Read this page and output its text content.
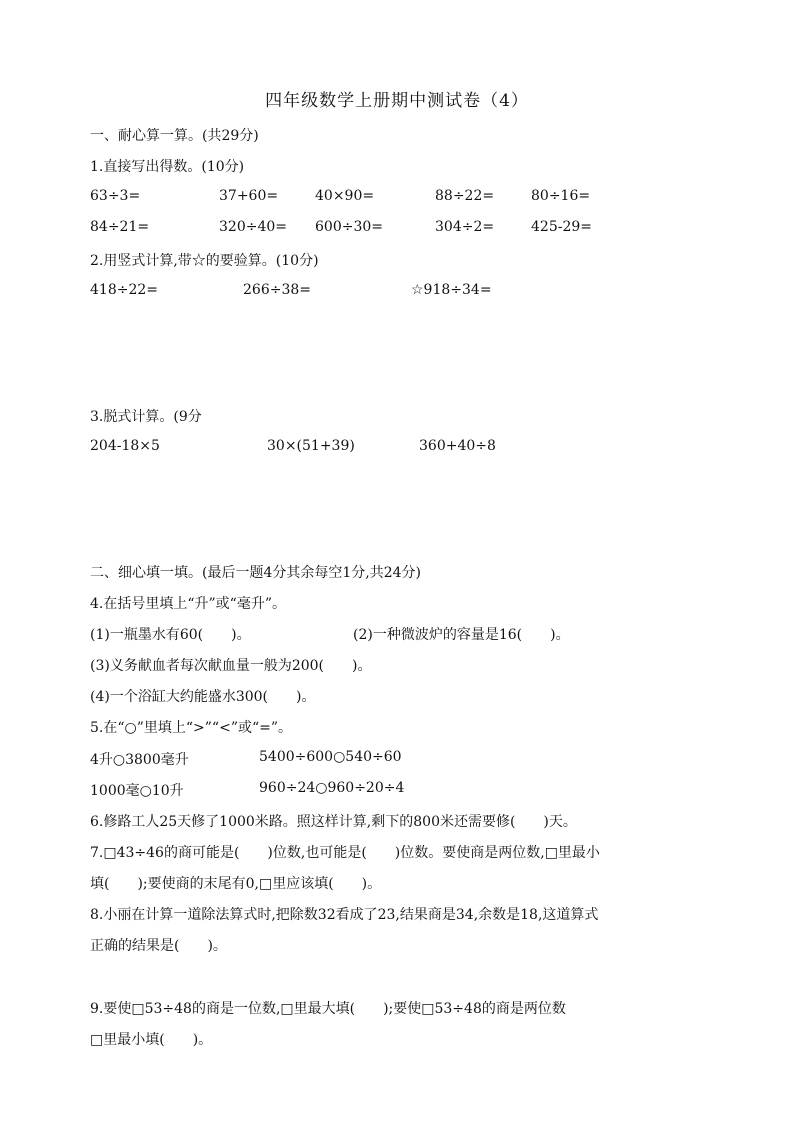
四年级数学上册期中测试卷（4）
一、耐心算一算。(共29分)
1.直接写出得数。(10分)
63÷3=	37+60=	40×90=	88÷22=	80÷16=
84÷21=	320÷40= 600÷30=	304÷2=	425-29=
2.用竖式计算,带☆的要验算。(10分)
418÷22=	266÷38=	☆918÷34=
3.脱式计算。(9分
204-18×5	30×(51+39)	360+40÷8
二、细心填一填。(最后一题4分其余每空1分,共24分)
4.在括号里填上“升”或“毫升”。
(1)一瓶墨水有60(　　)。	(2)一种微波炉的容量是16(　　)。
(3)义务献血者每次献血量一般为200(　　)。
(4)一个浴缸大约能盛水300(　　)。
5.在“○”里填上“>”“<”或“=”。
4升○3800毫升	5400÷600○540÷60
1000毫○10升	960÷24○960÷20÷4
6.修路工人25天修了1000米路。照这样计算,剩下的800米还需要修(　　)天。
7.□43÷46的商可能是(　　)位数,也可能是(　　)位数。要使商是两位数,□里最小
填(　　);要使商的末尾有0,□里应该填(　　)。
8.小丽在计算一道除法算式时,把除数32看成了23,结果商是34,余数是18,这道算式
正确的结果是(　　)。
9.要使□53÷48的商是一位数,□里最大填(　　);要使□53÷48的商是两位数
□里最小填(　　)。
